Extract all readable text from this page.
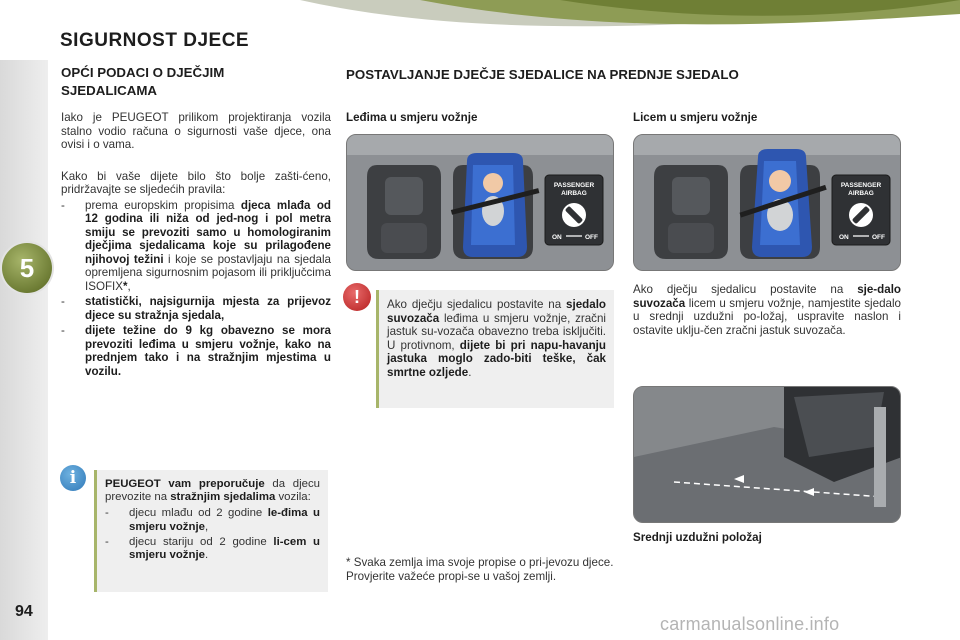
SIGURNOST DJECE
5
94
OPĆI PODACI O DJEČJIM SJEDALICAMA

Iako je PEUGEOT prilikom projektiranja vozila stalno vodio računa o sigurnosti vaše djece, ona ovisi i o vama.

Kako bi vaše dijete bilo što bolje zašti-ćeno, pridržavajte se sljedećih pravila:

- prema europskim propisima djeca mlađa od 12 godina ili niža od jed-nog i pol metra smiju se prevoziti samo u homologiranim dječjima sjedalicama koje su prilagođene njihovoj težini i koje se postavljaju na sjedala opremljena sigurnosnim pojasom ili priključcima ISOFIX*,
- statistički, najsigurnija mjesta za prijevoz djece su stražnja sjedala,
- dijete težine do 9 kg obavezno se mora prevoziti leđima u smjeru vožnje, kako na prednjem tako i na stražnjim mjestima u vozilu.
i	PEUGEOT vam preporučuje da djecu prevozite na stražnjim sjedalima vozila:

- djecu mlađu od 2 godine le-đima u smjeru vožnje,
- djecu stariju od 2 godine li-cem u smjeru vožnje.
POSTAVLJANJE DJEČJE SJEDALICE NA PREDNJE SJEDALO
Leđima u smjeru vožnje	Licem u smjeru vožnje
PASSENGER
AIRBAG
ON	OFF
PASSENGER
AIRBAG
ON	OFF
!	Ako dječju sjedalicu postavite na sjedalo suvozača leđima u smjeru vožnje, zračni jastuk su-vozača obavezno treba isključiti. U protivnom, dijete bi pri napu-havanju jastuka moglo zado-biti teške, čak smrtne ozljede.

Ako dječju sjedalicu postavite na sje-dalo suvozača licem u smjeru vožnje, namjestite sjedalo u srednji uzdužni po-ložaj, uspravite naslon i ostavite uklju-čen zračni jastuk suvozača.

Srednji uzdužni položaj
* Svaka zemlja ima svoje propise o pri-jevozu djece. Provjerite važeće propi-se u vašoj zemlji.
carmanualsonline.info
